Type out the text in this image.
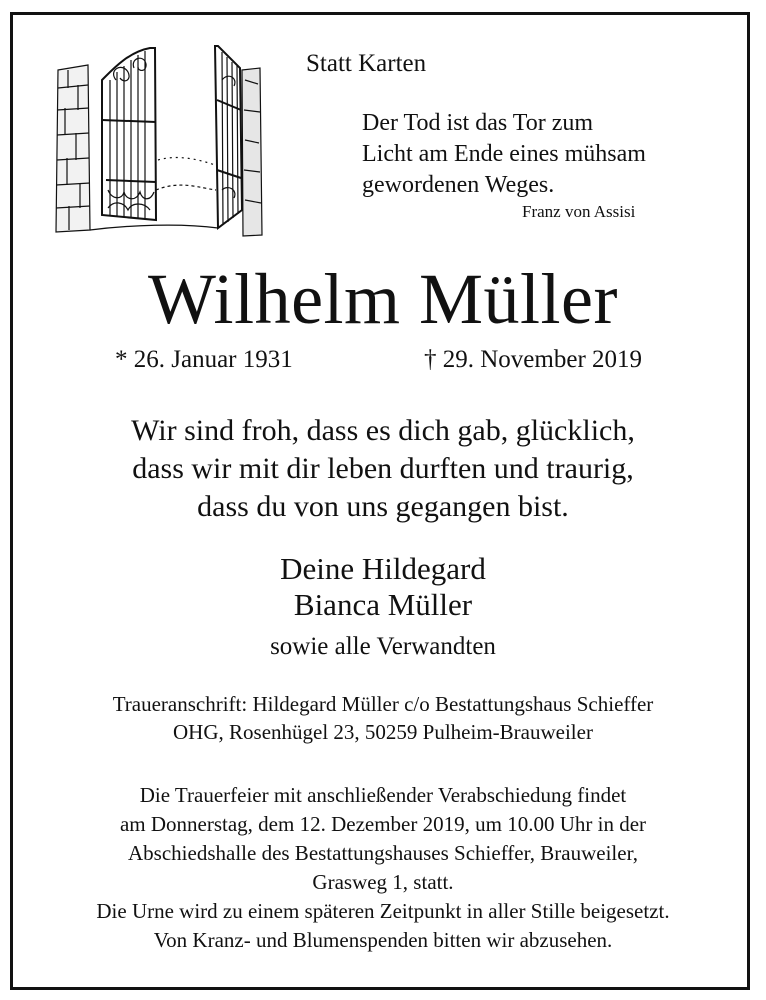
Statt Karten
Der Tod ist das Tor zum
Licht am Ende eines mühsam
gewordenen Weges.
Franz von Assisi
Wilhelm Müller
* 26. Januar 1931	† 29. November 2019
Wir sind froh, dass es dich gab, glücklich,
dass wir mit dir leben durften und traurig,
dass du von uns gegangen bist.
Deine Hildegard
Bianca Müller
sowie alle Verwandten
Traueranschrift: Hildegard Müller c/o Bestattungshaus Schieffer
OHG, Rosenhügel 23, 50259 Pulheim-Brauweiler
Die Trauerfeier mit anschließender Verabschiedung findet
am Donnerstag, dem 12. Dezember 2019, um 10.00 Uhr in der
Abschiedshalle des Bestattungshauses Schieffer, Brauweiler,
Grasweg 1, statt.
Die Urne wird zu einem späteren Zeitpunkt in aller Stille beigesetzt.
Von Kranz- und Blumenspenden bitten wir abzusehen.
